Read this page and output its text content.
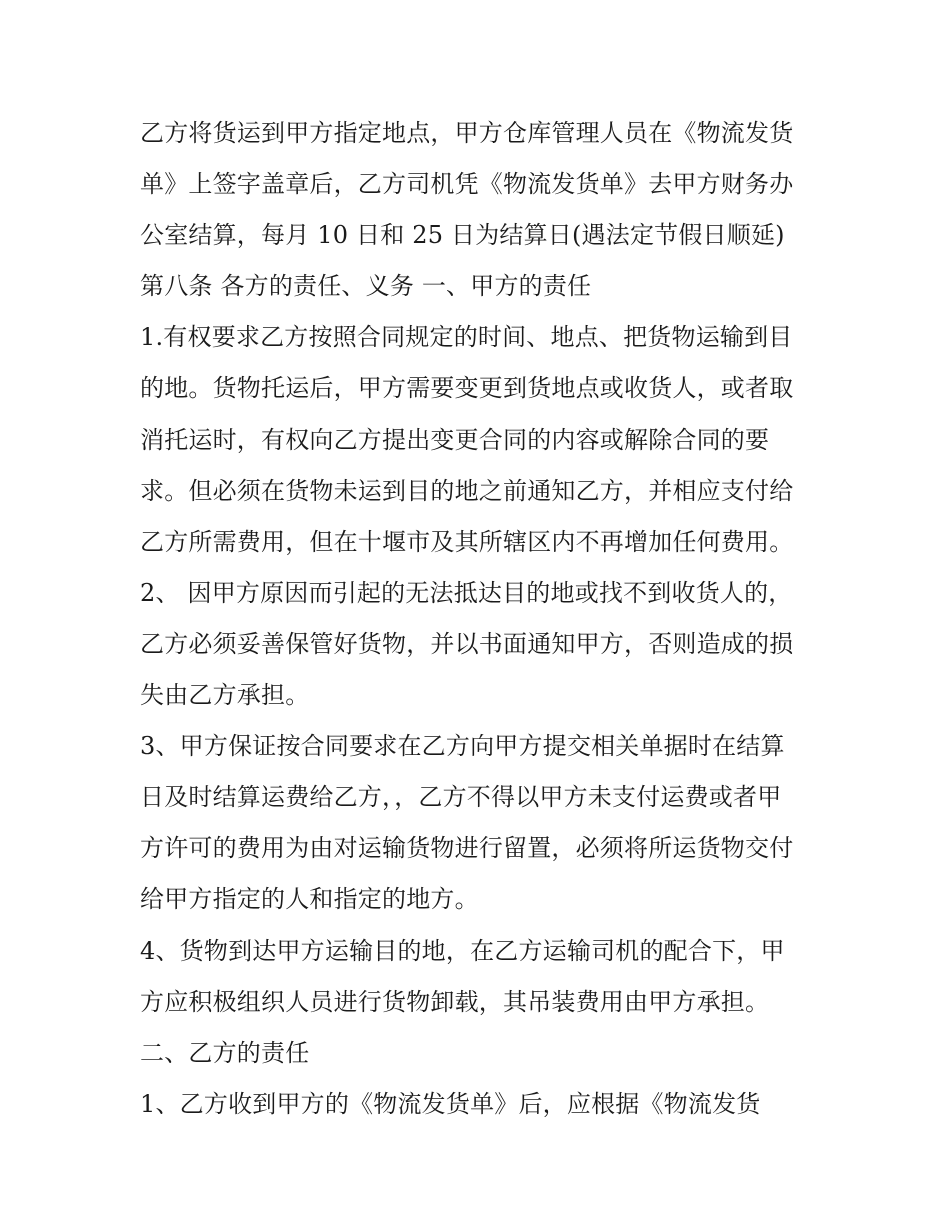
乙方将货运到甲方指定地点，甲方仓库管理人员在《物流发货
单》上签字盖章后，乙方司机凭《物流发货单》去甲方财务办
公室结算，每月 10 日和 25 日为结算日(遇法定节假日顺延)
第八条 各方的责任、义务 一、甲方的责任
1.有权要求乙方按照合同规定的时间、地点、把货物运输到目
的地。货物托运后，甲方需要变更到货地点或收货人，或者取
消托运时，有权向乙方提出变更合同的内容或解除合同的要
求。但必须在货物未运到目的地之前通知乙方，并相应支付给
乙方所需费用，但在十堰市及其所辖区内不再增加任何费用。
2、 因甲方原因而引起的无法抵达目的地或找不到收货人的，
乙方必须妥善保管好货物，并以书面通知甲方，否则造成的损
失由乙方承担。
3、甲方保证按合同要求在乙方向甲方提交相关单据时在结算
日及时结算运费给乙方，，乙方不得以甲方未支付运费或者甲
方许可的费用为由对运输货物进行留置，必须将所运货物交付
给甲方指定的人和指定的地方。
4、货物到达甲方运输目的地，在乙方运输司机的配合下，甲
方应积极组织人员进行货物卸载，其吊装费用由甲方承担。
二、乙方的责任
1、乙方收到甲方的《物流发货单》后，应根据《物流发货
